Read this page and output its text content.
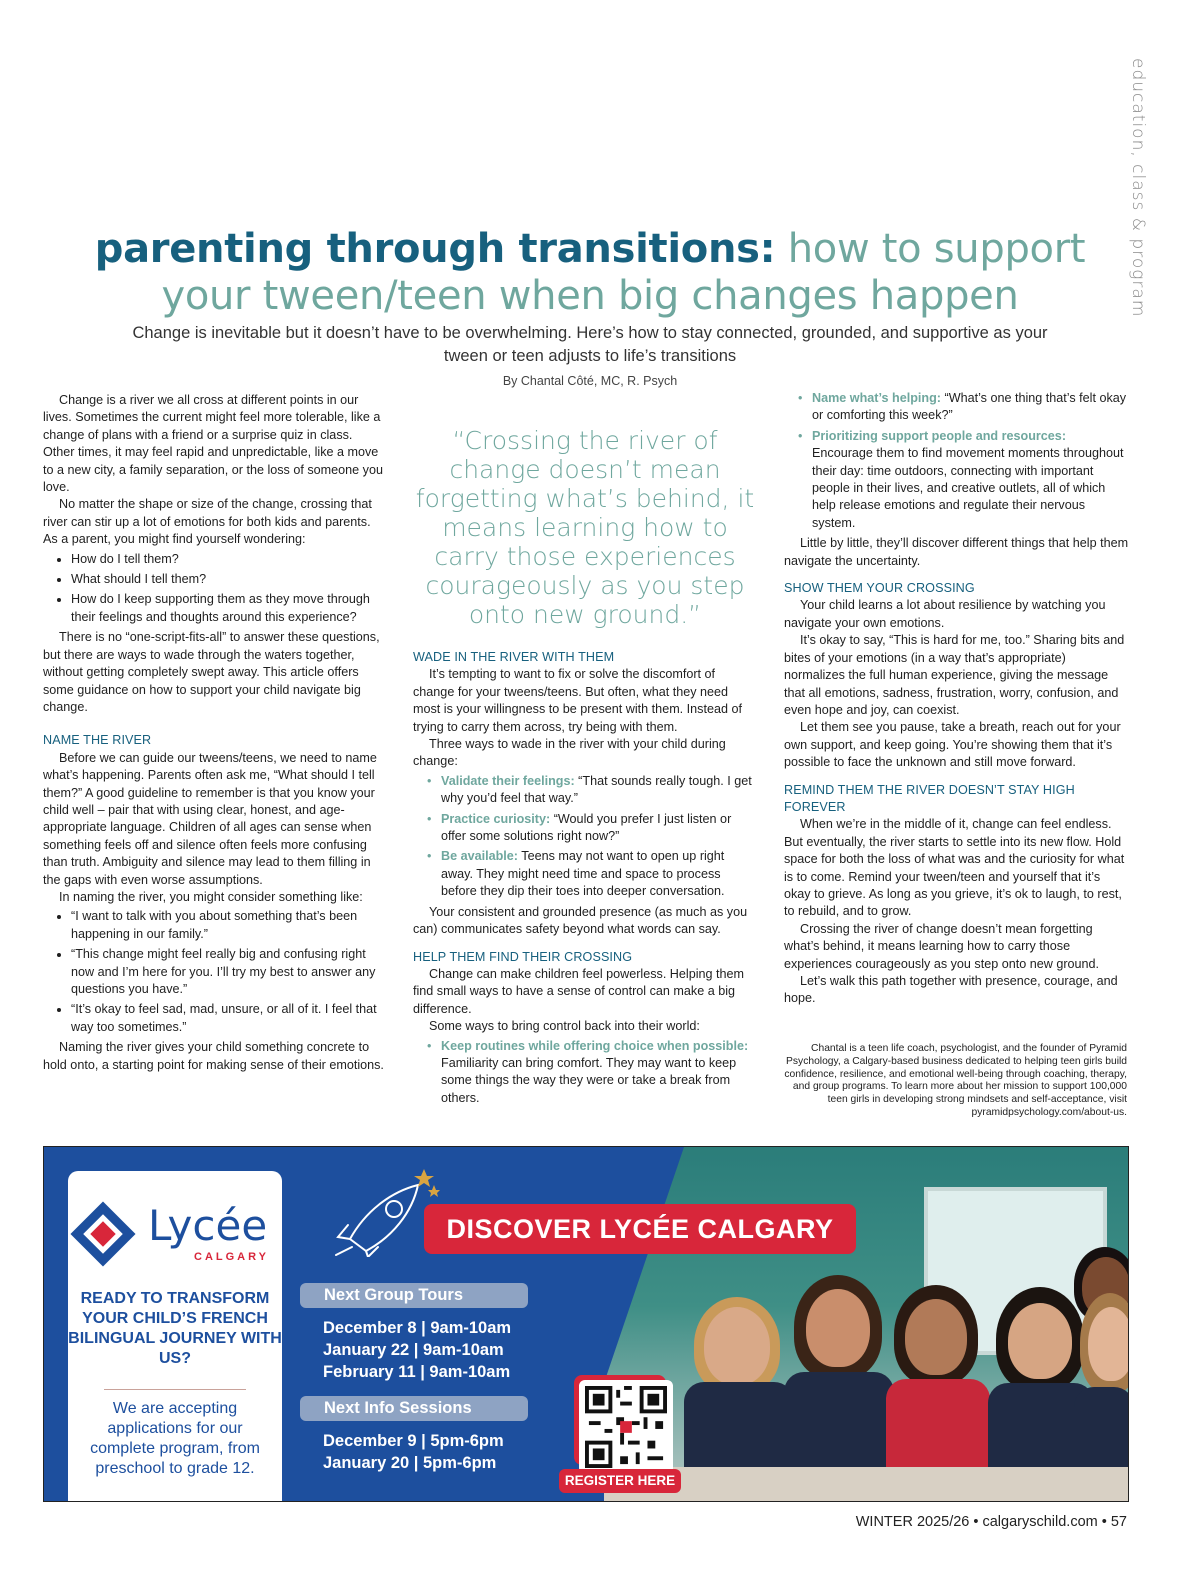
education, class & program
parenting through transitions: how to support your tween/teen when big changes happen
Change is inevitable but it doesn’t have to be overwhelming. Here’s how to stay connected, grounded, and supportive as your tween or teen adjusts to life’s transitions
By Chantal Côté, MC, R. Psych

Change is a river we all cross at different points in our lives. Sometimes the current might feel more tolerable, like a change of plans with a friend or a surprise quiz in class. Other times, it may feel rapid and unpredictable, like a move to a new city, a family separation, or the loss of someone you love.

No matter the shape or size of the change, crossing that river can stir up a lot of emotions for both kids and parents. As a parent, you might find yourself wondering:

• How do I tell them?
• What should I tell them?
• How do I keep supporting them as they move through their feelings and thoughts around this experience?

There is no “one-script-fits-all” to answer these questions, but there are ways to wade through the waters together, without getting completely swept away. This article offers some guidance on how to support your child navigate big change.

NAME THE RIVER

Before we can guide our tweens/teens, we need to name what’s happening. Parents often ask me, “What should I tell them?” A good guideline to remember is that you know your child well – pair that with using clear, honest, and age-appropriate language. Children of all ages can sense when something feels off and silence often feels more confusing than truth. Ambiguity and silence may lead to them filling in the gaps with even worse assumptions.

In naming the river, you might consider something like:

• “I want to talk with you about something that’s been happening in our family.”
• “This change might feel really big and confusing right now and I’m here for you. I’ll try my best to answer any questions you have.”
• “It’s okay to feel sad, mad, unsure, or all of it. I feel that way too sometimes.”

Naming the river gives your child something concrete to hold onto, a starting point for making sense of their emotions.

“Crossing the river of change doesn’t mean forgetting what’s behind, it means learning how to carry those experiences courageously as you step onto new ground.”
WADE IN THE RIVER WITH THEM

It’s tempting to want to fix or solve the discomfort of change for your tweens/teens. But often, what they need most is your willingness to be present with them. Instead of trying to carry them across, try being with them.

Three ways to wade in the river with your child during change:

• Validate their feelings: “That sounds really tough. I get why you’d feel that way.”
• Practice curiosity: “Would you prefer I just listen or offer some solutions right now?”
• Be available: Teens may not want to open up right away. They might need time and space to process before they dip their toes into deeper conversation.

Your consistent and grounded presence (as much as you can) communicates safety beyond what words can say.

HELP THEM FIND THEIR CROSSING

Change can make children feel powerless. Helping them find small ways to have a sense of control can make a big difference.

Some ways to bring control back into their world:

• Keep routines while offering choice when possible: Familiarity can bring comfort. They may want to keep some things the way they were or take a break from others.
• Name what’s helping: “What’s one thing that’s felt okay or comforting this week?”
• Prioritizing support people and resources: Encourage them to find movement moments throughout their day: time outdoors, connecting with important people in their lives, and creative outlets, all of which help release emotions and regulate their nervous system.

Little by little, they’ll discover different things that help them navigate the uncertainty.

SHOW THEM YOUR CROSSING

Your child learns a lot about resilience by watching you navigate your own emotions.

It’s okay to say, “This is hard for me, too.” Sharing bits and bites of your emotions (in a way that’s appropriate) normalizes the full human experience, giving the message that all emotions, sadness, frustration, worry, confusion, and even hope and joy, can coexist.

Let them see you pause, take a breath, reach out for your own support, and keep going. You’re showing them that it’s possible to face the unknown and still move forward.

REMIND THEM THE RIVER DOESN’T STAY HIGH FOREVER

When we’re in the middle of it, change can feel endless. But eventually, the river starts to settle into its new flow. Hold space for both the loss of what was and the curiosity for what is to come. Remind your tween/teen and yourself that it’s okay to grieve. As long as you grieve, it’s ok to laugh, to rest, to rebuild, and to grow.

Crossing the river of change doesn’t mean forgetting what’s behind, it means learning how to carry those experiences courageously as you step onto new ground.

Let’s walk this path together with presence, courage, and hope.

Chantal is a teen life coach, psychologist, and the founder of Pyramid Psychology, a Calgary-based business dedicated to helping teen girls build confidence, resilience, and emotional well-being through coaching, therapy, and group programs. To learn more about her mission to support 100,000 teen girls in developing strong mindsets and self-acceptance, visit pyramidpsychology.com/about-us.
Lycée
CALGARY
READY TO TRANSFORM YOUR CHILD’S FRENCH BILINGUAL JOURNEY WITH US?
We are accepting applications for our complete program, from preschool to grade 12.
DISCOVER LYCÉE CALGARY
Next Group Tours
December 8 | 9am-10am
January 22 | 9am-10am
February 11 | 9am-10am
Next Info Sessions
December 9 | 5pm-6pm
January 20 | 5pm-6pm
REGISTER HERE
WINTER 2025/26 • calgaryschild.com • 57
